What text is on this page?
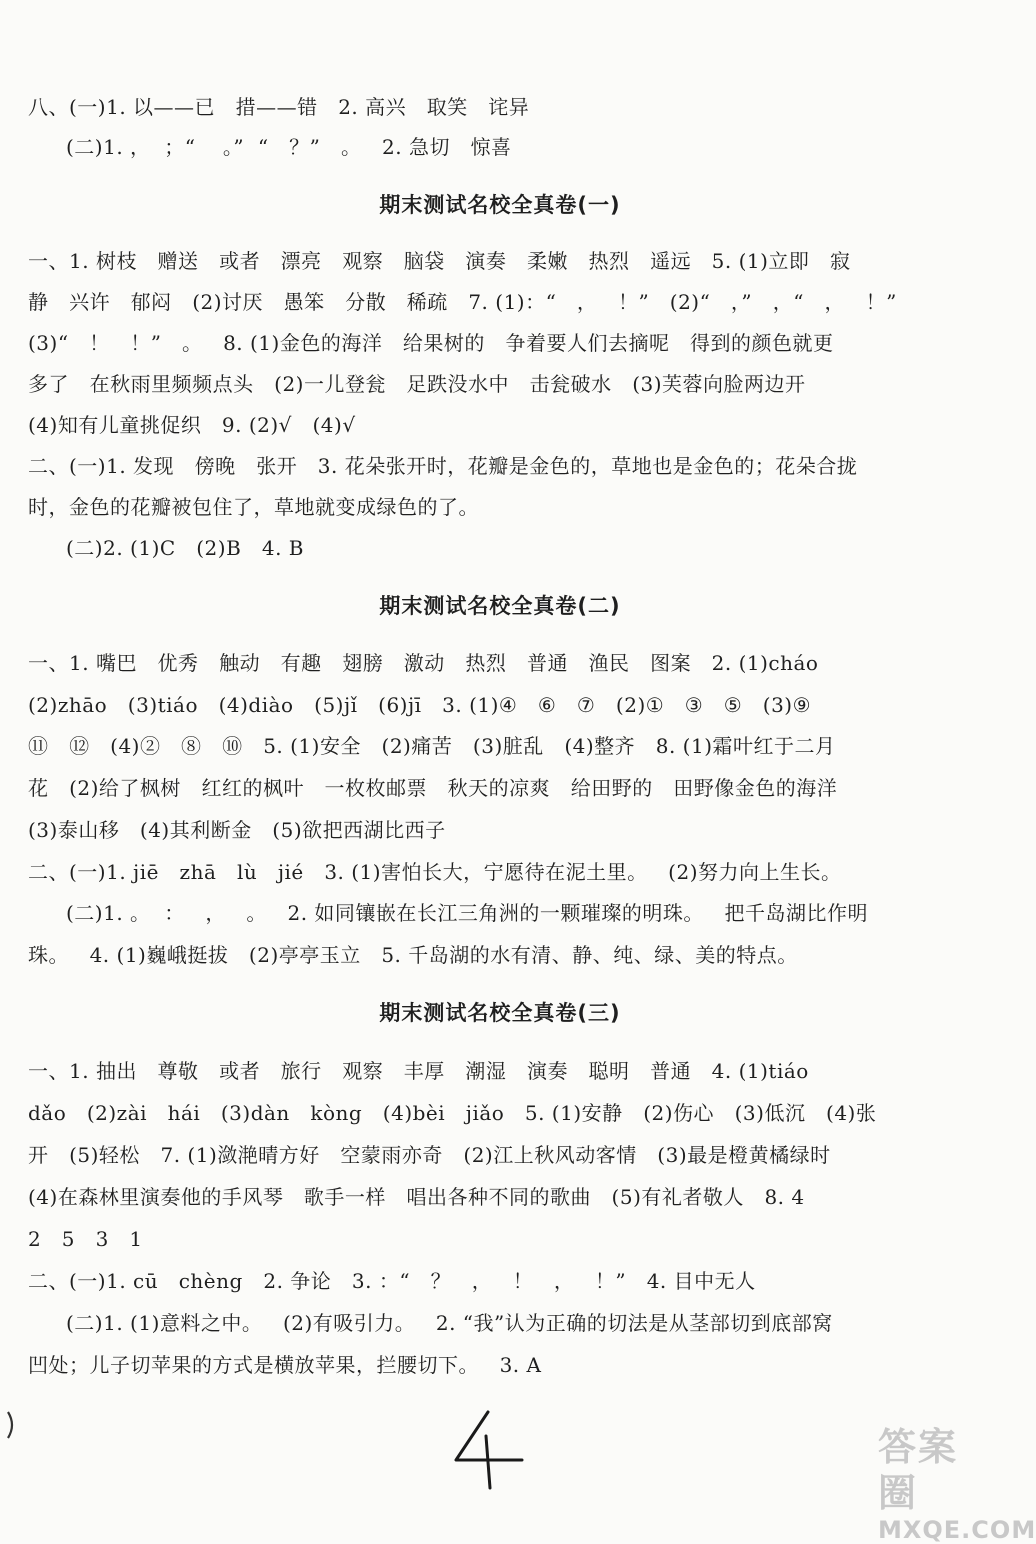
八、(一)1. 以——已   措——错   2. 高兴   取笑   诧异
(二)1. ，  ；“    。”  “   ？”   。   2. 急切   惊喜
期末测试名校全真卷(一)
一、1. 树枝   赠送   或者   漂亮   观察   脑袋   演奏   柔嫩   热烈   遥远   5. (1)立即   寂
静   兴许   郁闷   (2)讨厌   愚笨   分散   稀疏   7. (1)：“   ，   ！”   (2)“   ，”   ，“   ，   ！”
(3)“   ！   ！”   。   8. (1)金色的海洋   给果树的   争着要人们去摘呢   得到的颜色就更
多了   在秋雨里频频点头   (2)一儿登瓮   足跌没水中   击瓮破水   (3)芙蓉向脸两边开
(4)知有儿童挑促织   9. (2)√   (4)√
二、(一)1. 发现   傍晚   张开   3. 花朵张开时，花瓣是金色的，草地也是金色的；花朵合拢
时，金色的花瓣被包住了，草地就变成绿色的了。
(二)2. (1)C   (2)B   4. B
期末测试名校全真卷(二)
一、1. 嘴巴   优秀   触动   有趣   翅膀   激动   热烈   普通   渔民   图案   2. (1)cháo
(2)zhāo   (3)tiáo   (4)diào   (5)jǐ   (6)jī   3. (1)④   ⑥   ⑦   (2)①   ③   ⑤   (3)⑨
⑪   ⑫   (4)②   ⑧   ⑩   5. (1)安全   (2)痛苦   (3)脏乱   (4)整齐   8. (1)霜叶红于二月
花   (2)给了枫树   红红的枫叶   一枚枚邮票   秋天的凉爽   给田野的   田野像金色的海洋
(3)泰山移   (4)其利断金   (5)欲把西湖比西子
二、(一)1. jiē   zhā   lù   jié   3. (1)害怕长大，宁愿待在泥土里。   (2)努力向上生长。
(二)1. 。  ：   ，   。   2. 如同镶嵌在长江三角洲的一颗璀璨的明珠。   把千岛湖比作明
珠。   4. (1)巍峨挺拔   (2)亭亭玉立   5. 千岛湖的水有清、静、纯、绿、美的特点。
期末测试名校全真卷(三)
一、1. 抽出   尊敬   或者   旅行   观察   丰厚   潮湿   演奏   聪明   普通   4. (1)tiáo
dǎo   (2)zài   hái   (3)dàn   kòng   (4)bèi   jiǎo   5. (1)安静   (2)伤心   (3)低沉   (4)张
开   (5)轻松   7. (1)潋滟晴方好   空蒙雨亦奇   (2)江上秋风动客情   (3)最是橙黄橘绿时
(4)在森林里演奏他的手风琴   歌手一样   唱出各种不同的歌曲   (5)有礼者敬人   8. 4
2   5   3   1
二、(一)1. cū   chèng   2. 争论   3. ：“   ？   ，   ！   ，   ！”   4. 目中无人
(二)1. (1)意料之中。   (2)有吸引力。   2. “我”认为正确的切法是从茎部切到底部窝
凹处；儿子切苹果的方式是横放苹果，拦腰切下。   3. A
答案圈
MXQE.COM
